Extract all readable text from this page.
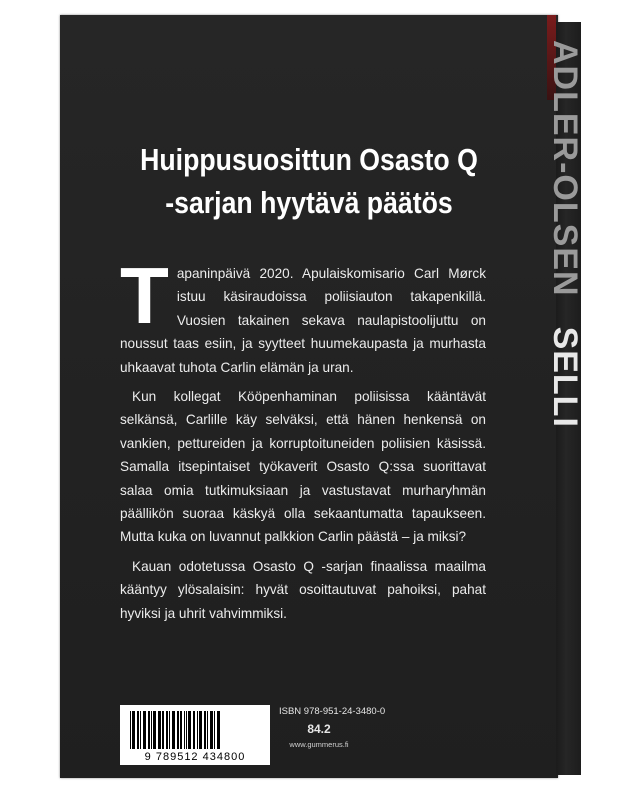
ADLER-OLSENSELLI
Huippusuosittun Osasto Q
-sarjan hyytävä päätös

Tapaninpäivä 2020. Apulaiskomisario Carl Mørck istuu käsiraudoissa poliisiauton takapenkillä. Vuosien takainen sekava naulapistoolijuttu on noussut taas esiin, ja syytteet huumekaupasta ja murhasta uhkaavat tuhota Carlin elämän ja uran.

Kun kollegat Kööpenhaminan poliisissa kääntävät selkänsä, Carlille käy selväksi, että hänen henkensä on vankien, pettureiden ja korruptoituneiden poliisien käsissä. Samalla itsepintaiset työkaverit Osasto Q:ssa suorittavat salaa omia tutkimuksiaan ja vastustavat murharyhmän päällikön suoraa käskyä olla sekaantumatta tapaukseen. Mutta kuka on luvannut palkkion Carlin päästä – ja miksi?

Kauan odotetussa Osasto Q -sarjan finaalissa maailma kääntyy ylösalaisin: hyvät osoittautuvat pahoiksi, pahat hyviksi ja uhrit vahvimmiksi.

9 789512 434800
ISBN 978-951-24-3480-0
84.2
www.gummerus.fi
